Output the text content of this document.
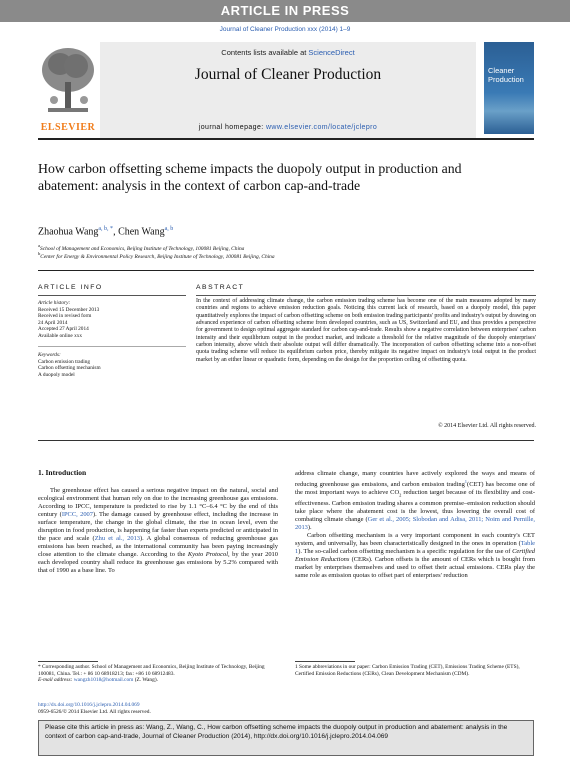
ARTICLE IN PRESS
Journal of Cleaner Production xxx (2014) 1–9
ELSEVIER
Contents lists available at ScienceDirect
Journal of Cleaner Production
journal homepage: www.elsevier.com/locate/jclepro
Cleaner Production
How carbon offsetting scheme impacts the duopoly output in production and abatement: analysis in the context of carbon cap-and-trade
Zhaohua Wang$^{a, b, *}$, Chen Wang$^{a, b}$
$^a$School of Management and Economics, Beijing Institute of Technology, 100081 Beijing, China
$^b$Center for Energy & Environmental Policy Research, Beijing Institute of Technology, 100081 Beijing, China
ARTICLE INFO
Article history:
Received 15 December 2013
Received in revised form
24 April 2014
Accepted 27 April 2014
Available online xxx
Keywords:
Carbon emission trading
Carbon offsetting mechanism
A duopoly model
ABSTRACT
In the context of addressing climate change, the carbon emission trading scheme has become one of the main measures adopted by many countries and regions to achieve emission reduction goals. Noticing this current lack of research, based on a duopoly model, this paper quantitatively explores the impact of carbon offsetting scheme on both emission trading participants' profits and industry's output by drawing on advanced experience of carbon offsetting scheme from developed countries, such as US, Switzerland and EU, and thus provides a perspective for government to design optimal aggregate standard for carbon cap-and-trade. Results show a negative correlation between enterprises' carbon intensity and their equilibrium output in the product market, and indicate a threshold for the relative magnitude of the duopoly enterprises' carbon intensity, above which their absolute output will differ dramatically. The incorporation of carbon offsetting scheme into a non-offset quota trading scheme will reduce its equilibrium carbon price, thereby mitigate its negative impact on industry's total output in the product market by an either linear or quadratic form, depending on the design for the proportion ceiling of offsetting quota.
© 2014 Elsevier Ltd. All rights reserved.
1. Introduction
The greenhouse effect has caused a serious negative impact on the natural, social and ecological environment that human rely on due to the increasing greenhouse gas emissions. According to IPCC, temperature is predicted to rise by 1.1 °C–6.4 °C by the end of this century (IPCC, 2007). The damage caused by greenhouse effect, including the increase in surface temperature, the change in the global climate, the rise in ocean level, even the disruption in food production, is happening far faster than experts predicted or anticipated in the pace and scale (Zhu et al., 2013). A global consensus of reducing greenhouse gas emissions has been reached, as the international community has been paying increasingly close attention to the climate change. According to the Kyoto Protocol, by the year 2010 each developed country shall reduce its greenhouse gas emissions by 5.2% compared with that of 1990 as a base line. To

address climate change, many countries have actively explored the ways and means of reducing greenhouse gas emissions, and carbon emission trading$^1$(CET) has become one of the most important ways to achieve $CO_2$ reduction target because of its flexibility and cost-effectiveness. Carbon emission trading shares a common premise–emission reduction should take place where the abatement cost is the lowest, thus lowering the overall cost of combating climate change (Ger et al., 2005; Slobodan and Adisa, 2011; Noim and Pernille, 2013).

Carbon offsetting mechanism is a very important component in each country's CET system, and universally, has been characteristically designed in the ones in operation (Table 1). The so-called carbon offsetting mechanism is a specific regulation for the use of Certified Emission Reductions (CERs). Carbon offsets is the amount of CERs which is bought from market by enterprises themselves and used to offset their actual emissions. CERs play the same role as emission quotas to offset part of enterprises' reduction

* Corresponding author. School of Management and Economics, Beijing Institute of Technology, Beijing 100081, China. Tel.: + 86 10 68918213; fax: +86 10 68912483.
E-mail address: wangzh1018@hotmail.com (Z. Wang).
1 Some abbreviations in our paper: Carbon Emission Trading (CET), Emissions Trading Scheme (ETS), Certified Emission Reductions (CERs), Clean Development Mechanism (CDM).
http://dx.doi.org/10.1016/j.jclepro.2014.04.069
0959-6526/© 2014 Elsevier Ltd. All rights reserved.
Please cite this article in press as: Wang, Z., Wang, C., How carbon offsetting scheme impacts the duopoly output in production and abatement: analysis in the context of carbon cap-and-trade, Journal of Cleaner Production (2014), http://dx.doi.org/10.1016/j.jclepro.2014.04.069
